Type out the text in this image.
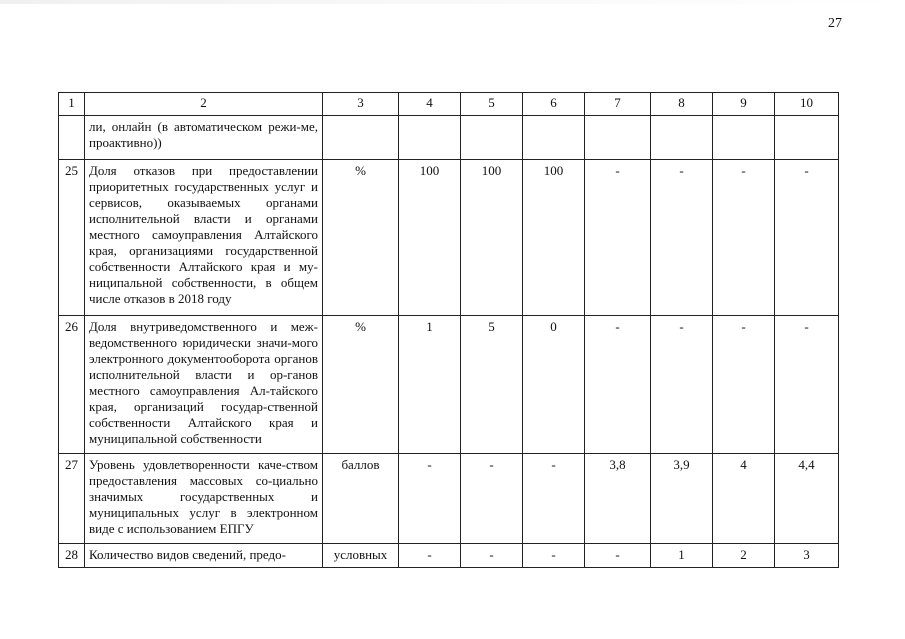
27
1	2	3	4	5	6	7	8	9	10
	ли, онлайн (в автоматическом режи-ме, проактивно))								
25	Доля отказов при предоставлении приоритетных государственных услуг и сервисов, оказываемых органами исполнительной власти и органами местного самоуправления Алтайского края, организациями государственной собственности Алтайского края и му-ниципальной собственности, в общем числе отказов в 2018 году	%	100	100	100	-	-	-	-
26	Доля внутриведомственного и меж-ведомственного юридически значи-мого электронного документооборота органов исполнительной власти и ор-ганов местного самоуправления Ал-тайского края, организаций государ-ственной собственности Алтайского края и муниципальной собственности	%	1	5	0	-	-	-	-
27	Уровень удовлетворенности каче-ством предоставления массовых со-циально значимых государственных и муниципальных услуг в электронном виде с использованием ЕПГУ	баллов	-	-	-	3,8	3,9	4	4,4
28	Количество видов сведений, предо-	условных	-	-	-	-	1	2	3
